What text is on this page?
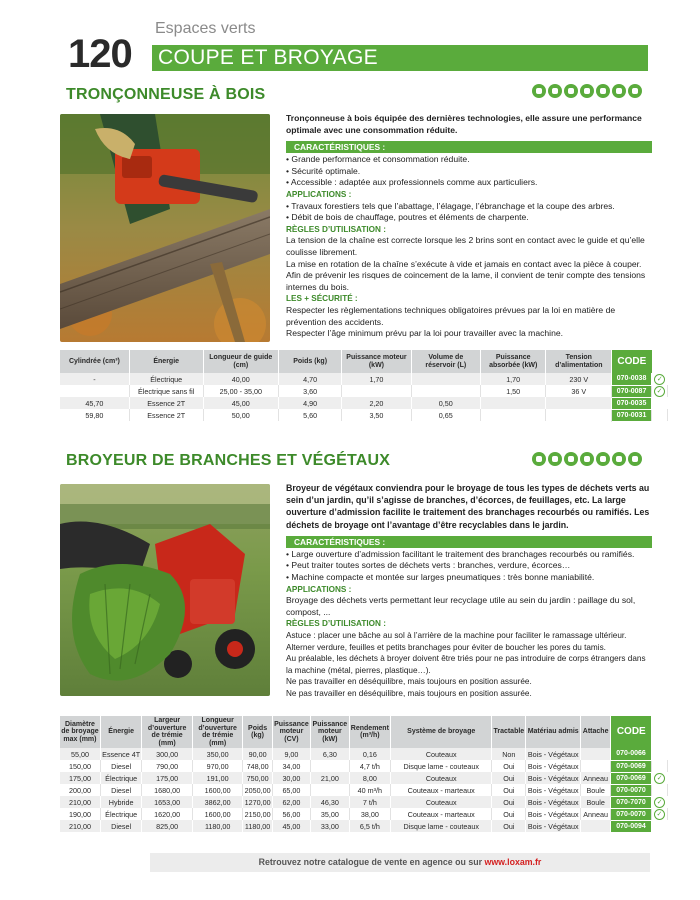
Espaces verts
120 COUPE ET BROYAGE
TRONÇONNEUSE À BOIS
Tronçonneuse à bois équipée des dernières technologies, elle assure une performance optimale avec une consommation réduite.
CARACTÉRISTIQUES :
• Grande performance et consommation réduite.
• Sécurité optimale.
• Accessible : adaptée aux professionnels comme aux particuliers.
APPLICATIONS :
• Travaux forestiers tels que l’abattage, l’élagage, l’ébranchage et la coupe des arbres.
• Débit de bois de chauffage, poutres et éléments de charpente.
RÈGLES D’UTILISATION :
La tension de la chaîne est correcte lorsque les 2 brins sont en contact avec le guide et qu’elle coulisse librement.
La mise en rotation de la chaîne s’exécute à vide et jamais en contact avec la pièce à couper. Afin de prévenir les risques de coincement de la lame, il convient de tenir compte des tensions internes du bois.
LES + SÉCURITÉ :
Respecter les règlementations techniques obligatoires prévues par la loi en matière de prévention des accidents.
Respecter l’âge minimum prévu par la loi pour travailler avec la machine.
Cylindrée (cm³)	Énergie	Longueur de guide (cm)	Poids (kg)	Puissance moteur (kW)	Volume de réservoir (L)	Puissance absorbée (kW)	Tension d’alimentation	CODE	
-	Électrique	40,00	4,70	1,70		1,70	230 V	070-0038	✓
	Électrique sans fil	25,00 - 35,00	3,60			1,50	36 V	070-0087	✓
45,70	Essence 2T	45,00	4,90	2,20	0,50			070-0035	
59,80	Essence 2T	50,00	5,60	3,50	0,65			070-0031	
BROYEUR DE BRANCHES ET VÉGÉTAUX
Broyeur de végétaux conviendra pour le broyage de tous les types de déchets verts au sein d’un jardin, qu’il s’agisse de branches, d’écorces, de feuillages, etc. La large ouverture d’admission facilite le traitement des branchages recourbés ou ramifiés. Les déchets de broyage ont l’avantage d’être recyclables dans le jardin.
CARACTÉRISTIQUES :
• Large ouverture d’admission facilitant le traitement des branchages recourbés ou ramifiés.
• Peut traiter toutes sortes de déchets verts : branches, verdure, écorces…
• Machine compacte et montée sur larges pneumatiques : très bonne maniabilité.
APPLICATIONS :
Broyage des déchets verts permettant leur recyclage utile au sein du jardin : paillage du sol, compost, ...
RÈGLES D’UTILISATION :
Astuce : placer une bâche au sol à l’arrière de la machine pour faciliter le ramassage ultérieur.
Alterner verdure, feuilles et petits branchages pour éviter de boucher les pores du tamis.
Au préalable, les déchets à broyer doivent être triés pour ne pas introduire de corps étrangers dans la machine (métal, pierres, plastique…).
Ne pas travailler en déséquilibre, mais toujours en position assurée.
Ne pas travailler en déséquilibre, mais toujours en position assurée.
Diamètre de broyage max (mm)	Énergie	Largeur d’ouverture de trémie (mm)	Longueur d’ouverture de trémie (mm)	Poids (kg)	Puissance moteur (CV)	Puissance moteur (kW)	Rendement (m³/h)	Système de broyage	Tractable	Matériau admis	Attache	CODE	
55,00	Essence 4T	300,00	350,00	90,00	9,00	6,30	0,16	Couteaux	Non	Bois - Végétaux		070-0066	
150,00	Diesel	790,00	970,00	748,00	34,00		4,7 t/h	Disque lame - couteaux	Oui	Bois - Végétaux		070-0069	
175,00	Électrique	175,00	191,00	750,00	30,00	21,00	8,00	Couteaux	Oui	Bois - Végétaux	Anneau	070-0069	✓
200,00	Diesel	1680,00	1600,00	2050,00	65,00		40 m³/h	Couteaux - marteaux	Oui	Bois - Végétaux	Boule	070-0070	
210,00	Hybride	1653,00	3862,00	1270,00	62,00	46,30	7 t/h	Couteaux	Oui	Bois - Végétaux	Boule	070-7070	✓
190,00	Électrique	1620,00	1600,00	2150,00	56,00	35,00	38,00	Couteaux - marteaux	Oui	Bois - Végétaux	Anneau	070-0070	✓
210,00	Diesel	825,00	1180,00	1180,00	45,00	33,00	6,5 t/h	Disque lame - couteaux	Oui	Bois - Végétaux		070-0094	
Retrouvez notre catalogue de vente en agence ou sur www.loxam.fr
